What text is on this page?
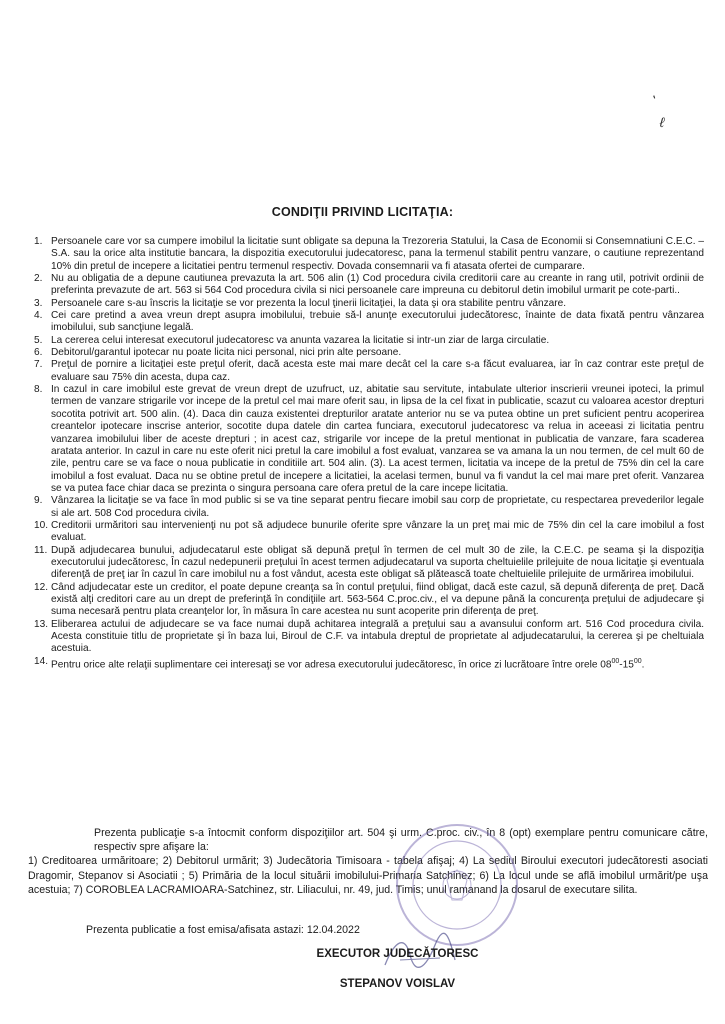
ʹ
ℓ
CONDIŢII PRIVIND LICITAŢIA:
1. Persoanele care vor sa cumpere imobilul la licitatie sunt obligate sa depuna la Trezoreria Statului, la Casa de Economii si Consemnatiuni C.E.C. – S.A. sau la orice alta institutie bancara, la dispozitia executorului judecatoresc, pana la termenul stabilit pentru vanzare, o cautiune reprezentand 10% din pretul de incepere a licitatiei pentru termenul respectiv. Dovada consemnarii va fi atasata ofertei de cumparare.
2. Nu au obligatia de a depune cautiunea prevazuta la art. 506 alin (1) Cod procedura civila creditorii care au creante in rang util, potrivit ordinii de preferinta prevazute de art. 563 si 564 Cod procedura civila si nici persoanele care impreuna cu debitorul detin imobilul urmarit pe cote-parti..
3. Persoanele care s-au înscris la licitaţie se vor prezenta la locul ţinerii licitaţiei, la data şi ora stabilite pentru vânzare.
4. Cei care pretind a avea vreun drept asupra imobilului, trebuie să-l anunţe executorului judecătoresc, înainte de data fixată pentru vânzarea imobilului, sub sancţiune legală.
5. La cererea celui interesat executorul judecatoresc va anunta vazarea la licitatie si intr-un ziar de larga circulatie.
6. Debitorul/garantul ipotecar nu poate licita nici personal, nici prin alte persoane.
7. Preţul de pornire a licitaţiei este preţul oferit, dacă acesta este mai mare decât cel la care s-a făcut evaluarea, iar în caz contrar este preţul de evaluare sau 75% din acesta, dupa caz.
8. In cazul in care imobilul este grevat de vreun drept de uzufruct, uz, abitatie sau servitute, intabulate ulterior inscrierii vreunei ipoteci, la primul termen de vanzare strigarile vor incepe de la pretul cel mai mare oferit sau, in lipsa de la cel fixat in publicatie, scazut cu valoarea acestor drepturi socotita potrivit art. 500 alin. (4). Daca din cauza existentei drepturilor aratate anterior nu se va putea obtine un pret suficient pentru acoperirea creantelor ipotecare inscrise anterior, socotite dupa datele din cartea funciara, executorul judecatoresc va relua in aceeasi zi licitatia pentru vanzarea imobilului liber de aceste drepturi ; in acest caz, strigarile vor incepe de la pretul mentionat in publicatia de vanzare, fara scaderea aratata anterior. In cazul in care nu este oferit nici pretul la care imobilul a fost evaluat, vanzarea se va amana la un nou termen, de cel mult 60 de zile, pentru care se va face o noua publicatie in conditiile art. 504 alin. (3). La acest termen, licitatia va incepe de la pretul de 75% din cel la care imobilul a fost evaluat. Daca nu se obtine pretul de incepere a licitatiei, la acelasi termen, bunul va fi vandut la cel mai mare pret oferit. Vanzarea se va putea face chiar daca se prezinta o singura persoana care ofera pretul de la care incepe licitatia.
9. Vânzarea la licitaţie se va face în mod public si se va tine separat pentru fiecare imobil sau corp de proprietate, cu respectarea prevederilor legale si ale art. 508 Cod procedura civila.
10. Creditorii urmăritori sau intervenienţi nu pot să adjudece bunurile oferite spre vânzare la un preţ mai mic de 75% din cel la care imobilul a fost evaluat.
11. După adjudecarea bunului, adjudecatarul este obligat să depună preţul în termen de cel mult 30 de zile, la C.E.C. pe seama şi la dispoziţia executorului judecătoresc, În cazul nedepunerii preţului în acest termen adjudecatarul va suporta cheltuielile prilejuite de noua licitaţie şi eventuala diferenţă de preţ iar în cazul în care imobilul nu a fost vândut, acesta este obligat să plătească toate cheltuielile prilejuite de urmărirea imobilului.
12. Când adjudecatar este un creditor, el poate depune creanţa sa în contul preţului, fiind obligat, dacă este cazul, să depună diferenţa de preţ. Dacă există alţi creditori care au un drept de preferinţă în condiţiile art. 563-564 C.proc.civ., el va depune până la concurenţa preţului de adjudecare şi suma necesară pentru plata creanţelor lor, în măsura în care acestea nu sunt acoperite prin diferenţa de preţ.
13. Eliberarea actului de adjudecare se va face numai după achitarea integrală a preţului sau a avansului conform art. 516 Cod procedura civila. Acesta constituie titlu de proprietate şi în baza lui, Biroul de C.F. va intabula dreptul de proprietate al adjudecatarului, la cererea şi pe cheltuiala acestuia.
14. Pentru orice alte relaţii suplimentare cei interesaţi se vor adresa executorului judecătoresc, în orice zi lucrătoare între orele $08^{00}-15^{00}$.
Prezenta publicaţie s-a întocmit conform dispoziţiilor art. 504 şi urm. C.proc. civ., în 8 (opt) exemplare pentru comunicare către, respectiv spre afişare la:
1) Creditoarea urmăritoare; 2) Debitorul urmărit; 3) Judecătoria Timisoara - tabela afişaj; 4) La sediul Biroului executori judecătoresti asociati Dragomir, Stepanov si Asociatii ; 5) Primăria de la locul situării imobilului-Primaria Satchinez; 6) La locul unde se află imobilul urmărit/pe uşa acestuia; 7) COROBLEA LACRAMIOARA-Satchinez, str. Liliacului, nr. 49, jud. Timis; unul ramanand la dosarul de executare silita.
Prezenta publicatie a fost emisa/afisata astazi: 12.04.2022
EXECUTOR JUDECĂTORESC
STEPANOV VOISLAV
